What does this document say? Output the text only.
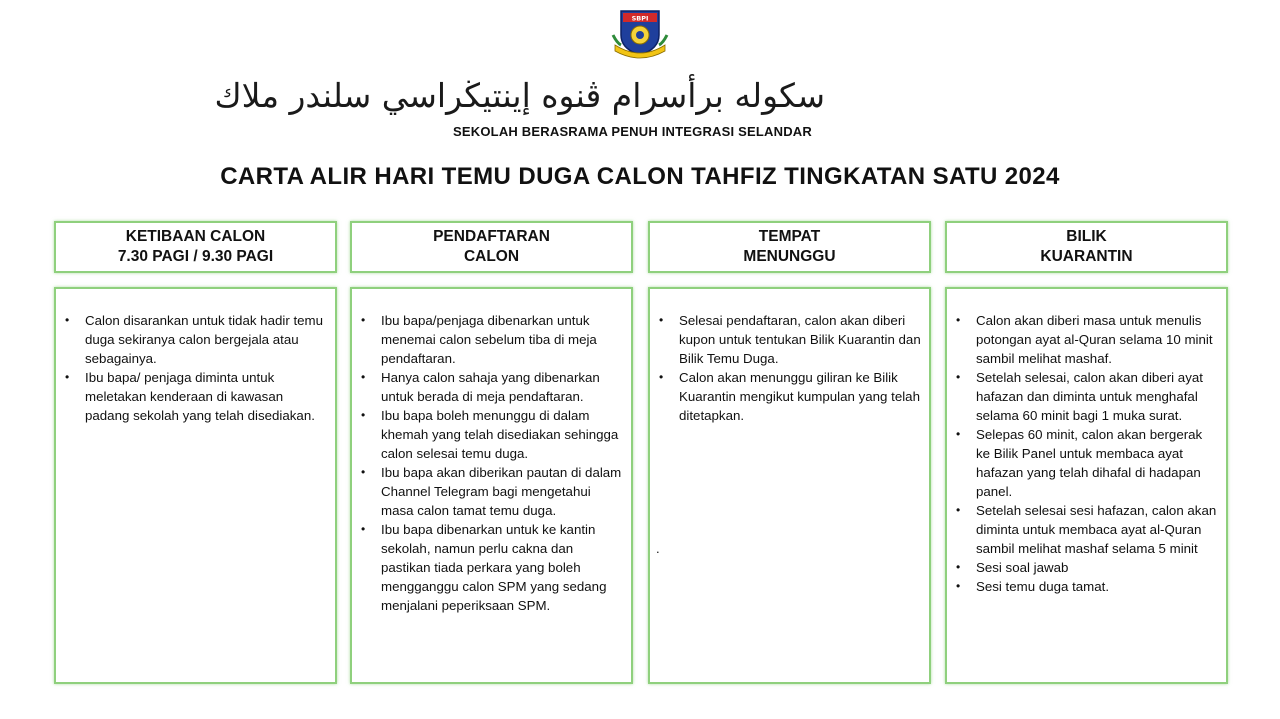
SBPI
سكوله برأسرام ڤنوه إينتيڬراسي سلندر ملاك
SEKOLAH BERASRAMA PENUH INTEGRASI SELANDAR
CARTA ALIR HARI TEMU DUGA CALON TAHFIZ TINGKATAN SATU 2024
KETIBAAN CALON
7.30 PAGI / 9.30 PAGI
• Calon disarankan untuk tidak hadir temu duga sekiranya calon bergejala atau sebagainya.
• Ibu bapa/ penjaga diminta untuk meletakan kenderaan di kawasan padang sekolah yang telah disediakan.
PENDAFTARAN
CALON
• Ibu bapa/penjaga dibenarkan untuk menemai calon sebelum tiba di meja pendaftaran.
• Hanya calon sahaja yang dibenarkan untuk berada di meja pendaftaran.
• Ibu bapa boleh menunggu di dalam khemah yang telah disediakan sehingga calon selesai temu duga.
• Ibu bapa akan diberikan pautan di dalam Channel Telegram bagi mengetahui masa calon tamat temu duga.
• Ibu bapa dibenarkan untuk ke kantin sekolah, namun perlu cakna dan pastikan tiada perkara yang boleh mengganggu calon SPM yang sedang menjalani peperiksaan SPM.
TEMPAT
MENUNGGU
• Selesai pendaftaran, calon akan diberi kupon untuk tentukan Bilik Kuarantin dan Bilik Temu Duga.
• Calon akan menunggu giliran ke Bilik Kuarantin mengikut kumpulan yang telah ditetapkan.
.
BILIK
KUARANTIN
• Calon akan diberi masa untuk menulis potongan ayat al-Quran selama 10 minit sambil melihat mashaf.
• Setelah selesai, calon akan diberi ayat hafazan dan diminta untuk menghafal selama 60 minit bagi 1 muka surat.
• Selepas 60 minit, calon akan bergerak ke Bilik Panel untuk membaca ayat hafazan yang telah dihafal di hadapan panel.
• Setelah selesai sesi hafazan, calon akan diminta untuk membaca ayat al-Quran sambil melihat mashaf selama 5 minit
• Sesi soal jawab
• Sesi temu duga tamat.
